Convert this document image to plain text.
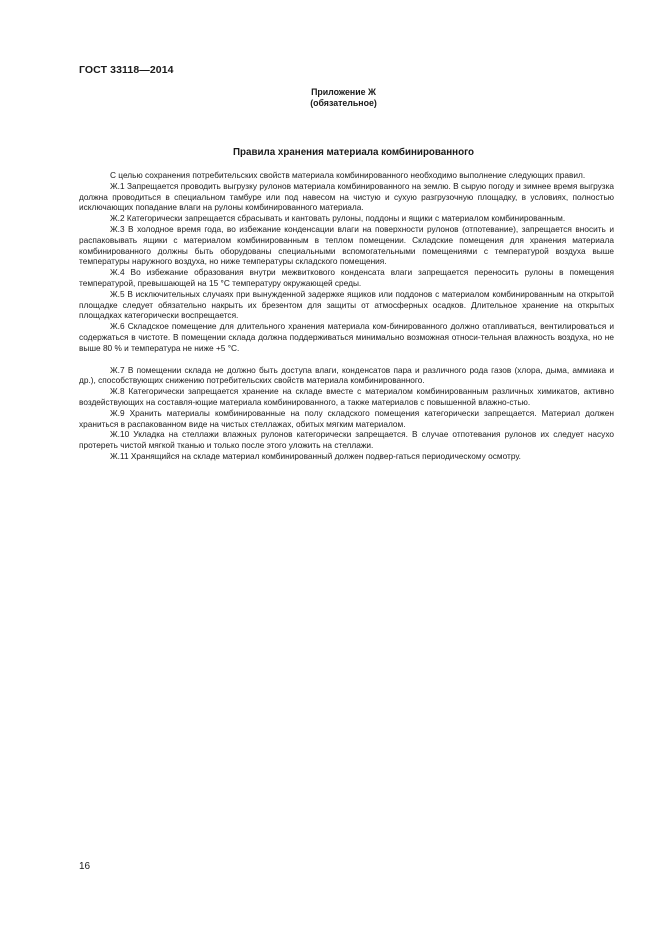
ГОСТ 33118—2014
Приложение Ж
(обязательное)
Правила хранения материала комбинированного

С целью сохранения потребительских свойств материала комбинированного необходимо выполнение следующих правил.

Ж.1 Запрещается проводить выгрузку рулонов материала комбинированного на землю. В сырую погоду и зимнее время выгрузка должна проводиться в специальном тамбуре или под навесом на чистую и сухую разгрузочную площадку, в условиях, полностью исключающих попадание влаги на рулоны комбинированного материала.

Ж.2 Категорически запрещается сбрасывать и кантовать рулоны, поддоны и ящики с материалом комбинированным.

Ж.3 В холодное время года, во избежание конденсации влаги на поверхности рулонов (отпотевание), запрещается вносить и распаковывать ящики с материалом комбинированным в теплом помещении. Складские помещения для хранения материала комбинированного должны быть оборудованы специальными вспомогательными помещениями с температурой воздуха выше температуры наружного воздуха, но ниже температуры складского помещения.

Ж.4 Во избежание образования внутри межвиткового конденсата влаги запрещается переносить рулоны в помещения температурой, превышающей на 15 °С температуру окружающей среды.

Ж.5 В исключительных случаях при вынужденной задержке ящиков или поддонов с материалом комбинированным на открытой площадке следует обязательно накрыть их брезентом для защиты от атмосферных осадков. Длительное хранение на открытых площадках категорически воспрещается.

Ж.6 Складское помещение для длительного хранения материала ком-бинированного должно отапливаться, вентилироваться и содержаться в чистоте. В помещении склада должна поддерживаться минимально возможная относи-тельная влажность воздуха, но не выше 80 % и температура не ниже +5 °С.

Ж.7 В помещении склада не должно быть доступа влаги, конденсатов пара и различного рода газов (хлора, дыма, аммиака и др.), способствующих снижению потребительских свойств материала комбинированного.

Ж.8 Категорически запрещается хранение на складе вместе с материалом комбинированным различных химикатов, активно воздействующих на составля-ющие материала комбинированного, а также материалов с повышенной влажно-стью.

Ж.9 Хранить материалы комбинированные на полу складского помещения категорически запрещается. Материал должен храниться в распакованном виде на чистых стеллажах, обитых мягким материалом.

Ж.10 Укладка на стеллажи влажных рулонов категорически запрещается. В случае отпотевания рулонов их следует насухо протереть чистой мягкой тканью и только после этого уложить на стеллажи.

Ж.11 Хранящийся на складе материал комбинированный должен подвер-гаться периодическому осмотру.

16
